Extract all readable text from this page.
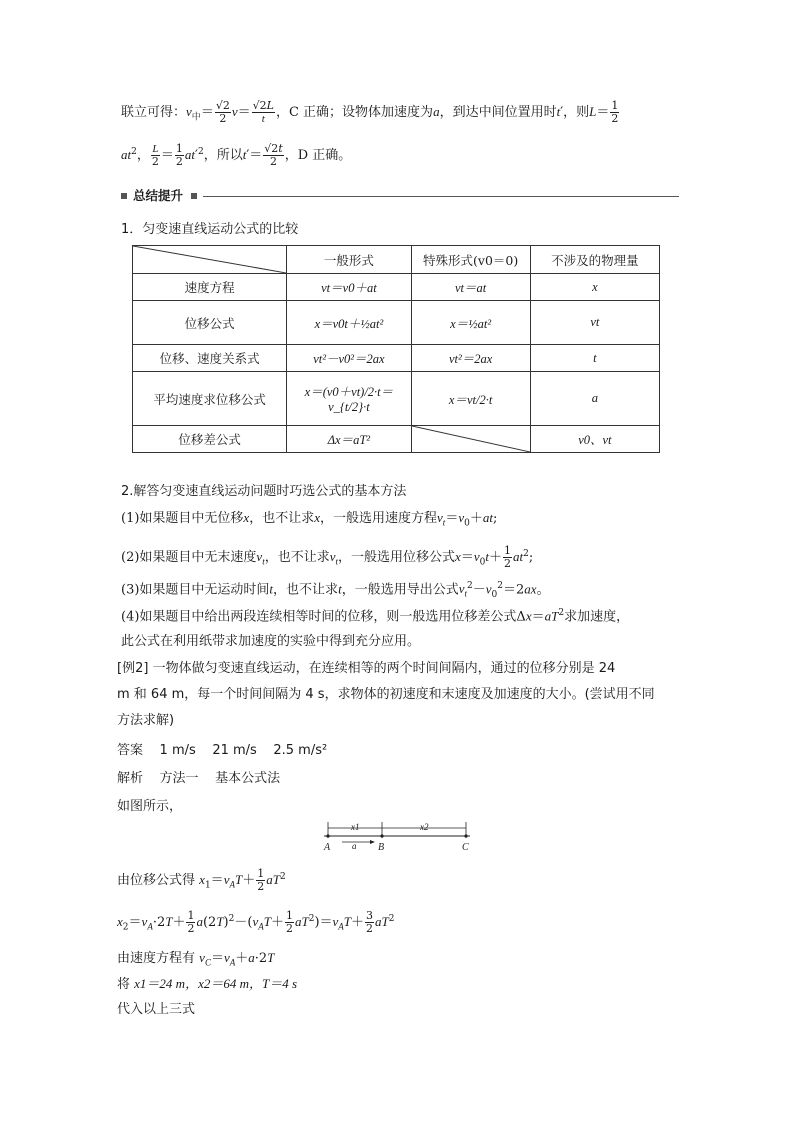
联立可得：$v_中= \frac{√2}{2} v= \frac{√2L}{t}$ ，C 正确；设物体加速度为a，到达中间位置用时t′，则$L= \frac{1}{2}$
$at^2$， $\frac{L}{2} = \frac{1}{2} at'^2$，所以$t'= \frac{√2t}{2}$ ，D 正确。
总结提升
1．匀变速直线运动公式的比较
	一般形式	特殊形式(v0＝0)	不涉及的物理量
速度方程	vt＝v0＋at	vt＝at	x
位移公式	x＝v0t＋½at²	x＝½at²	vt
位移、速度关系式	vt²－v0²＝2ax	vt²＝2ax	t
平均速度求位移公式	x＝(v0＋vt)/2·t＝v_{t/2}·t	x＝vt/2·t	a
位移差公式	Δx＝aT²		v0、vt
2.解答匀变速直线运动问题时巧选公式的基本方法
(1)如果题目中无位移x，也不让求x，一般选用速度方程$v_t=v_0+at$;
(2)如果题目中无末速度$v_t$，也不让求$v_t$，一般选用位移公式$x=v_0t+ \frac{1}{2} at^2$;
(3)如果题目中无运动时间t，也不让求t，一般选用导出公式$v_t^2-v_0^2=2ax$。
(4)如果题目中给出两段连续相等时间的位移，则一般选用位移差公式$\Delta x=aT^2$求加速度，
此公式在利用纸带求加速度的实验中得到充分应用。
[例2] 一物体做匀变速直线运动，在连续相等的两个时间间隔内，通过的位移分别是 24
m 和 64 m，每一个时间间隔为 4 s，求物体的初速度和末速度及加速度的大小。(尝试用不同
方法求解)
答案 1 m/s 21 m/s 2.5 m/s²
解析 方法一 基本公式法
如图所示，
x1	x2
a
A	B	C
由位移公式得 $x_1=v_AT+ \frac{1}{2} aT^2$
$x_2=v_A\cdot 2T+ \frac{1}{2} a(2T)^2-(v_AT+ \frac{1}{2} aT^2)=v_AT+ \frac{3}{2} aT^2$
由速度方程有 $v_C=v_A+a\cdot 2T$
将 x1＝24 m，x2＝64 m，T＝4 s
代入以上三式
